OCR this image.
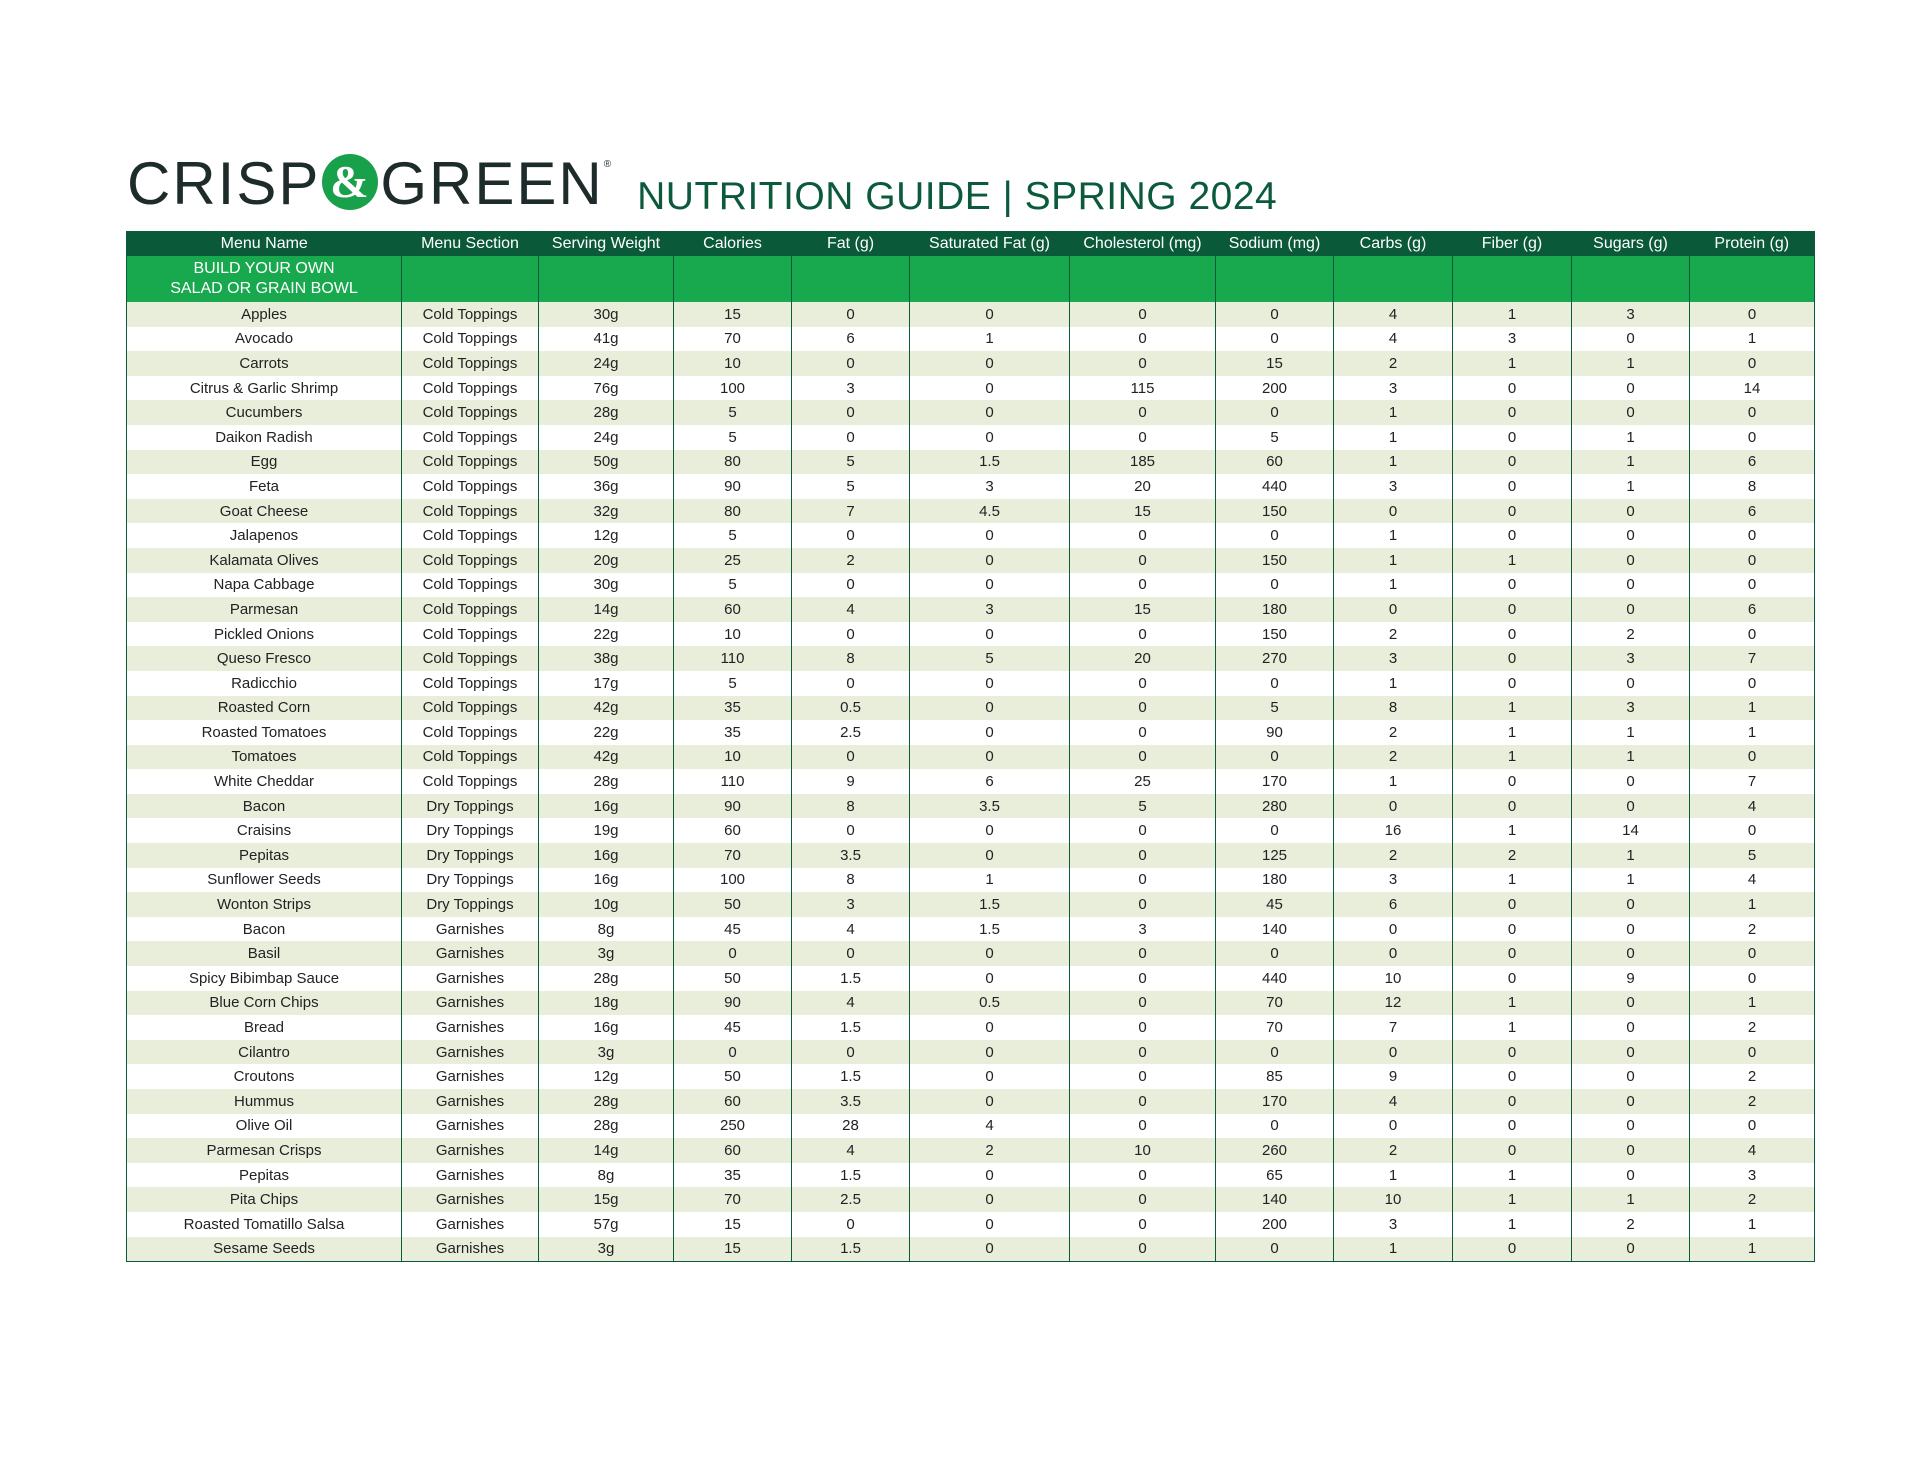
CRISP & GREEN ®
NUTRITION GUIDE | SPRING 2024
Menu Name	Menu Section	Serving Weight	Calories	Fat (g)	Saturated Fat (g)	Cholesterol (mg)	Sodium (mg)	Carbs (g)	Fiber (g)	Sugars (g)	Protein (g)
BUILD YOUR OWN
SALAD OR GRAIN BOWL											
Apples	Cold Toppings	30g	15	0	0	0	0	4	1	3	0
Avocado	Cold Toppings	41g	70	6	1	0	0	4	3	0	1
Carrots	Cold Toppings	24g	10	0	0	0	15	2	1	1	0
Citrus & Garlic Shrimp	Cold Toppings	76g	100	3	0	115	200	3	0	0	14
Cucumbers	Cold Toppings	28g	5	0	0	0	0	1	0	0	0
Daikon Radish	Cold Toppings	24g	5	0	0	0	5	1	0	1	0
Egg	Cold Toppings	50g	80	5	1.5	185	60	1	0	1	6
Feta	Cold Toppings	36g	90	5	3	20	440	3	0	1	8
Goat Cheese	Cold Toppings	32g	80	7	4.5	15	150	0	0	0	6
Jalapenos	Cold Toppings	12g	5	0	0	0	0	1	0	0	0
Kalamata Olives	Cold Toppings	20g	25	2	0	0	150	1	1	0	0
Napa Cabbage	Cold Toppings	30g	5	0	0	0	0	1	0	0	0
Parmesan	Cold Toppings	14g	60	4	3	15	180	0	0	0	6
Pickled Onions	Cold Toppings	22g	10	0	0	0	150	2	0	2	0
Queso Fresco	Cold Toppings	38g	110	8	5	20	270	3	0	3	7
Radicchio	Cold Toppings	17g	5	0	0	0	0	1	0	0	0
Roasted Corn	Cold Toppings	42g	35	0.5	0	0	5	8	1	3	1
Roasted Tomatoes	Cold Toppings	22g	35	2.5	0	0	90	2	1	1	1
Tomatoes	Cold Toppings	42g	10	0	0	0	0	2	1	1	0
White Cheddar	Cold Toppings	28g	110	9	6	25	170	1	0	0	7
Bacon	Dry Toppings	16g	90	8	3.5	5	280	0	0	0	4
Craisins	Dry Toppings	19g	60	0	0	0	0	16	1	14	0
Pepitas	Dry Toppings	16g	70	3.5	0	0	125	2	2	1	5
Sunflower Seeds	Dry Toppings	16g	100	8	1	0	180	3	1	1	4
Wonton Strips	Dry Toppings	10g	50	3	1.5	0	45	6	0	0	1
Bacon	Garnishes	8g	45	4	1.5	3	140	0	0	0	2
Basil	Garnishes	3g	0	0	0	0	0	0	0	0	0
Spicy Bibimbap Sauce	Garnishes	28g	50	1.5	0	0	440	10	0	9	0
Blue Corn Chips	Garnishes	18g	90	4	0.5	0	70	12	1	0	1
Bread	Garnishes	16g	45	1.5	0	0	70	7	1	0	2
Cilantro	Garnishes	3g	0	0	0	0	0	0	0	0	0
Croutons	Garnishes	12g	50	1.5	0	0	85	9	0	0	2
Hummus	Garnishes	28g	60	3.5	0	0	170	4	0	0	2
Olive Oil	Garnishes	28g	250	28	4	0	0	0	0	0	0
Parmesan Crisps	Garnishes	14g	60	4	2	10	260	2	0	0	4
Pepitas	Garnishes	8g	35	1.5	0	0	65	1	1	0	3
Pita Chips	Garnishes	15g	70	2.5	0	0	140	10	1	1	2
Roasted Tomatillo Salsa	Garnishes	57g	15	0	0	0	200	3	1	2	1
Sesame Seeds	Garnishes	3g	15	1.5	0	0	0	1	0	0	1
